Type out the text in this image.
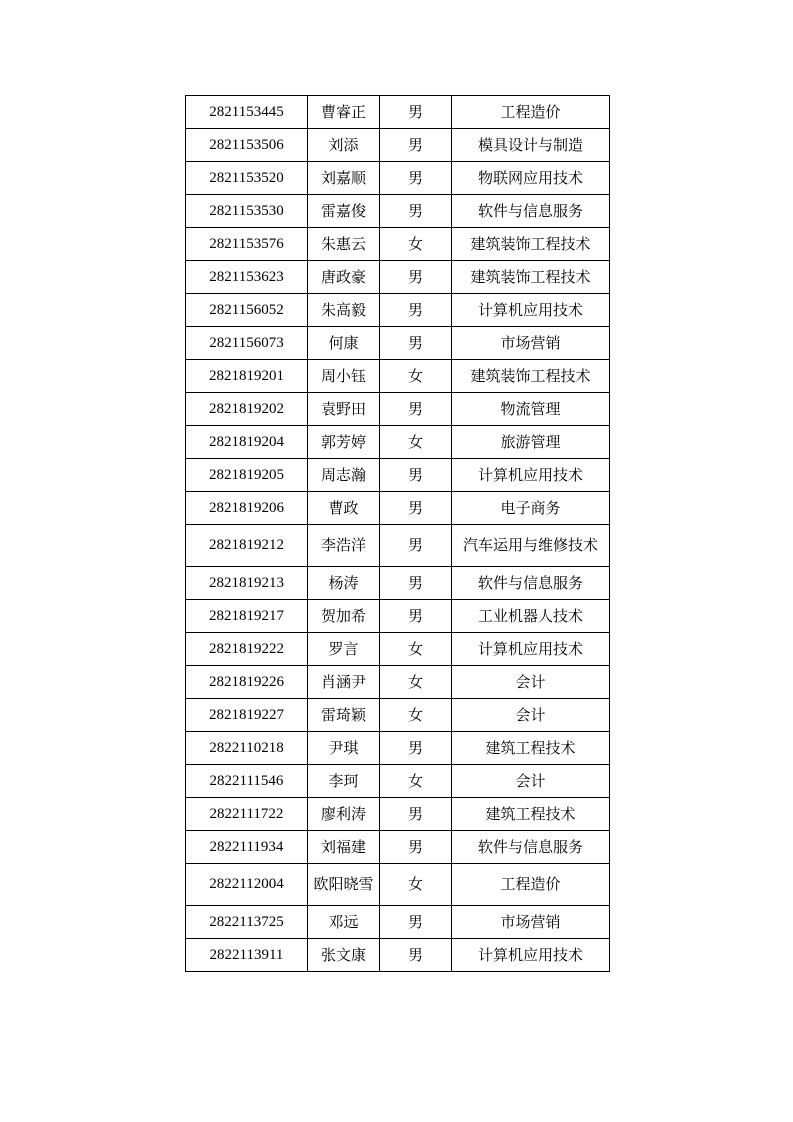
2821153445	曹睿正	男	工程造价
2821153506	刘添	男	模具设计与制造
2821153520	刘嘉顺	男	物联网应用技术
2821153530	雷嘉俊	男	软件与信息服务
2821153576	朱惠云	女	建筑装饰工程技术
2821153623	唐政豪	男	建筑装饰工程技术
2821156052	朱高毅	男	计算机应用技术
2821156073	何康	男	市场营销
2821819201	周小钰	女	建筑装饰工程技术
2821819202	袁野田	男	物流管理
2821819204	郭芳婷	女	旅游管理
2821819205	周志瀚	男	计算机应用技术
2821819206	曹政	男	电子商务
2821819212	李浩洋	男	汽车运用与维修技术
2821819213	杨涛	男	软件与信息服务
2821819217	贺加希	男	工业机器人技术
2821819222	罗言	女	计算机应用技术
2821819226	肖涵尹	女	会计
2821819227	雷琦颖	女	会计
2822110218	尹琪	男	建筑工程技术
2822111546	李珂	女	会计
2822111722	廖利涛	男	建筑工程技术
2822111934	刘福建	男	软件与信息服务
2822112004	欧阳晓雪	女	工程造价
2822113725	邓远	男	市场营销
2822113911	张文康	男	计算机应用技术
